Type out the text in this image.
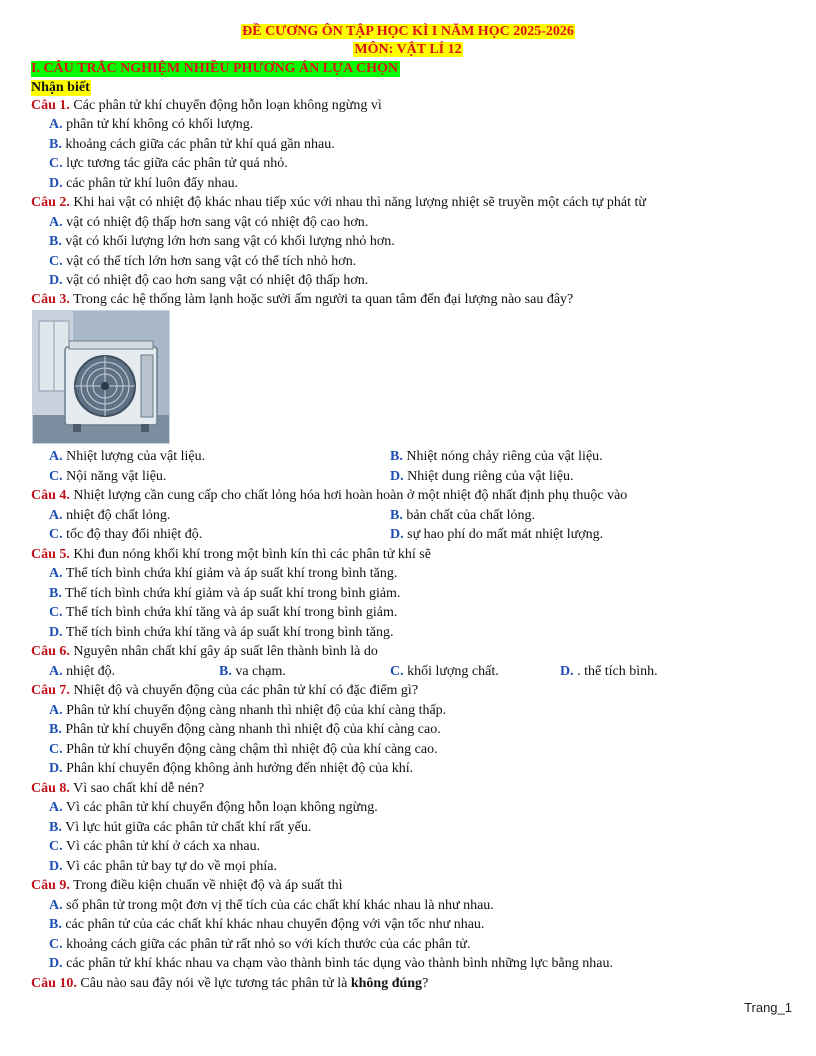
ĐỀ CƯƠNG ÔN TẬP HỌC KÌ I NĂM HỌC 2025-2026
MÔN: VẬT LÍ 12
I. CÂU TRẮC NGHIỆM NHIỀU PHƯƠNG ÁN LỰA CHỌN
Nhận biết
Câu 1. Các phân tử khí chuyển động hỗn loạn không ngừng vì
A. phân tử khí không có khối lượng.
B. khoảng cách giữa các phân tử khí quá gần nhau.
C. lực tương tác giữa các phân tử quá nhỏ.
D. các phân tử khí luôn đẩy nhau.
Câu 2. Khi hai vật có nhiệt độ khác nhau tiếp xúc với nhau thì năng lượng nhiệt sẽ truyền một cách tự phát từ
A. vật có nhiệt độ thấp hơn sang vật có nhiệt độ cao hơn.
B. vật có khối lượng lớn hơn sang vật có khối lượng nhỏ hơn.
C. vật có thể tích lớn hơn sang vật có thể tích nhỏ hơn.
D. vật có nhiệt độ cao hơn sang vật có nhiệt độ thấp hơn.
Câu 3. Trong các hệ thống làm lạnh hoặc sưởi ấm người ta quan tâm đến đại lượng nào sau đây?
A. Nhiệt lượng của vật liệu.	B. Nhiệt nóng chảy riêng của vật liệu.
C. Nội năng vật liệu.	D. Nhiệt dung riêng của vật liệu.
Câu 4. Nhiệt lượng cần cung cấp cho chất lỏng hóa hơi hoàn hoàn ở một nhiệt độ nhất định phụ thuộc vào
A. nhiệt độ chất lỏng.	B. bản chất của chất lỏng.
C. tốc độ thay đổi nhiệt độ.	D. sự hao phí do mất mát nhiệt lượng.
Câu 5. Khi đun nóng khối khí trong một bình kín thì các phân tử khí sẽ
A. Thể tích bình chứa khí giảm và áp suất khí trong bình tăng.
B. Thể tích bình chứa khí giảm và áp suất khí trong bình giảm.
C. Thể tích bình chứa khí tăng và áp suất khí trong bình giảm.
D. Thể tích bình chứa khí tăng và áp suất khí trong bình tăng.
Câu 6. Nguyên nhân chất khí gây áp suất lên thành bình là do
A. nhiệt độ.	B. va chạm.	C. khối lượng chất.	D. . thể tích bình.
Câu 7. Nhiệt độ và chuyển động của các phân tử khí có đặc điểm gì?
A. Phân tử khí chuyển động càng nhanh thì nhiệt độ của khí càng thấp.
B. Phân tử khí chuyển động càng nhanh thì nhiệt độ của khí càng cao.
C. Phân tử khí chuyển động càng chậm thì nhiệt độ của khí càng cao.
D. Phân khí chuyển động không ảnh hưởng đến nhiệt độ của khí.
Câu 8. Vì sao chất khí dễ nén?
A. Vì các phân tử khí chuyển động hỗn loạn không ngừng.
B. Vì lực hút giữa các phân tử chất khí rất yếu.
C. Vì các phân tử khí ở cách xa nhau.
D. Vì các phân tử bay tự do về mọi phía.
Câu 9. Trong điều kiện chuẩn về nhiệt độ và áp suất thì
A. số phân tử trong một đơn vị thể tích của các chất khí khác nhau là như nhau.
B. các phân tử của các chất khí khác nhau chuyển động với vận tốc như nhau.
C. khoảng cách giữa các phân tử rất nhỏ so với kích thước của các phân tử.
D. các phân tử khí khác nhau va chạm vào thành bình tác dụng vào thành bình những lực bằng nhau.
Câu 10. Câu nào sau đây nói về lực tương tác phân tử là không đúng?
Trang_1
